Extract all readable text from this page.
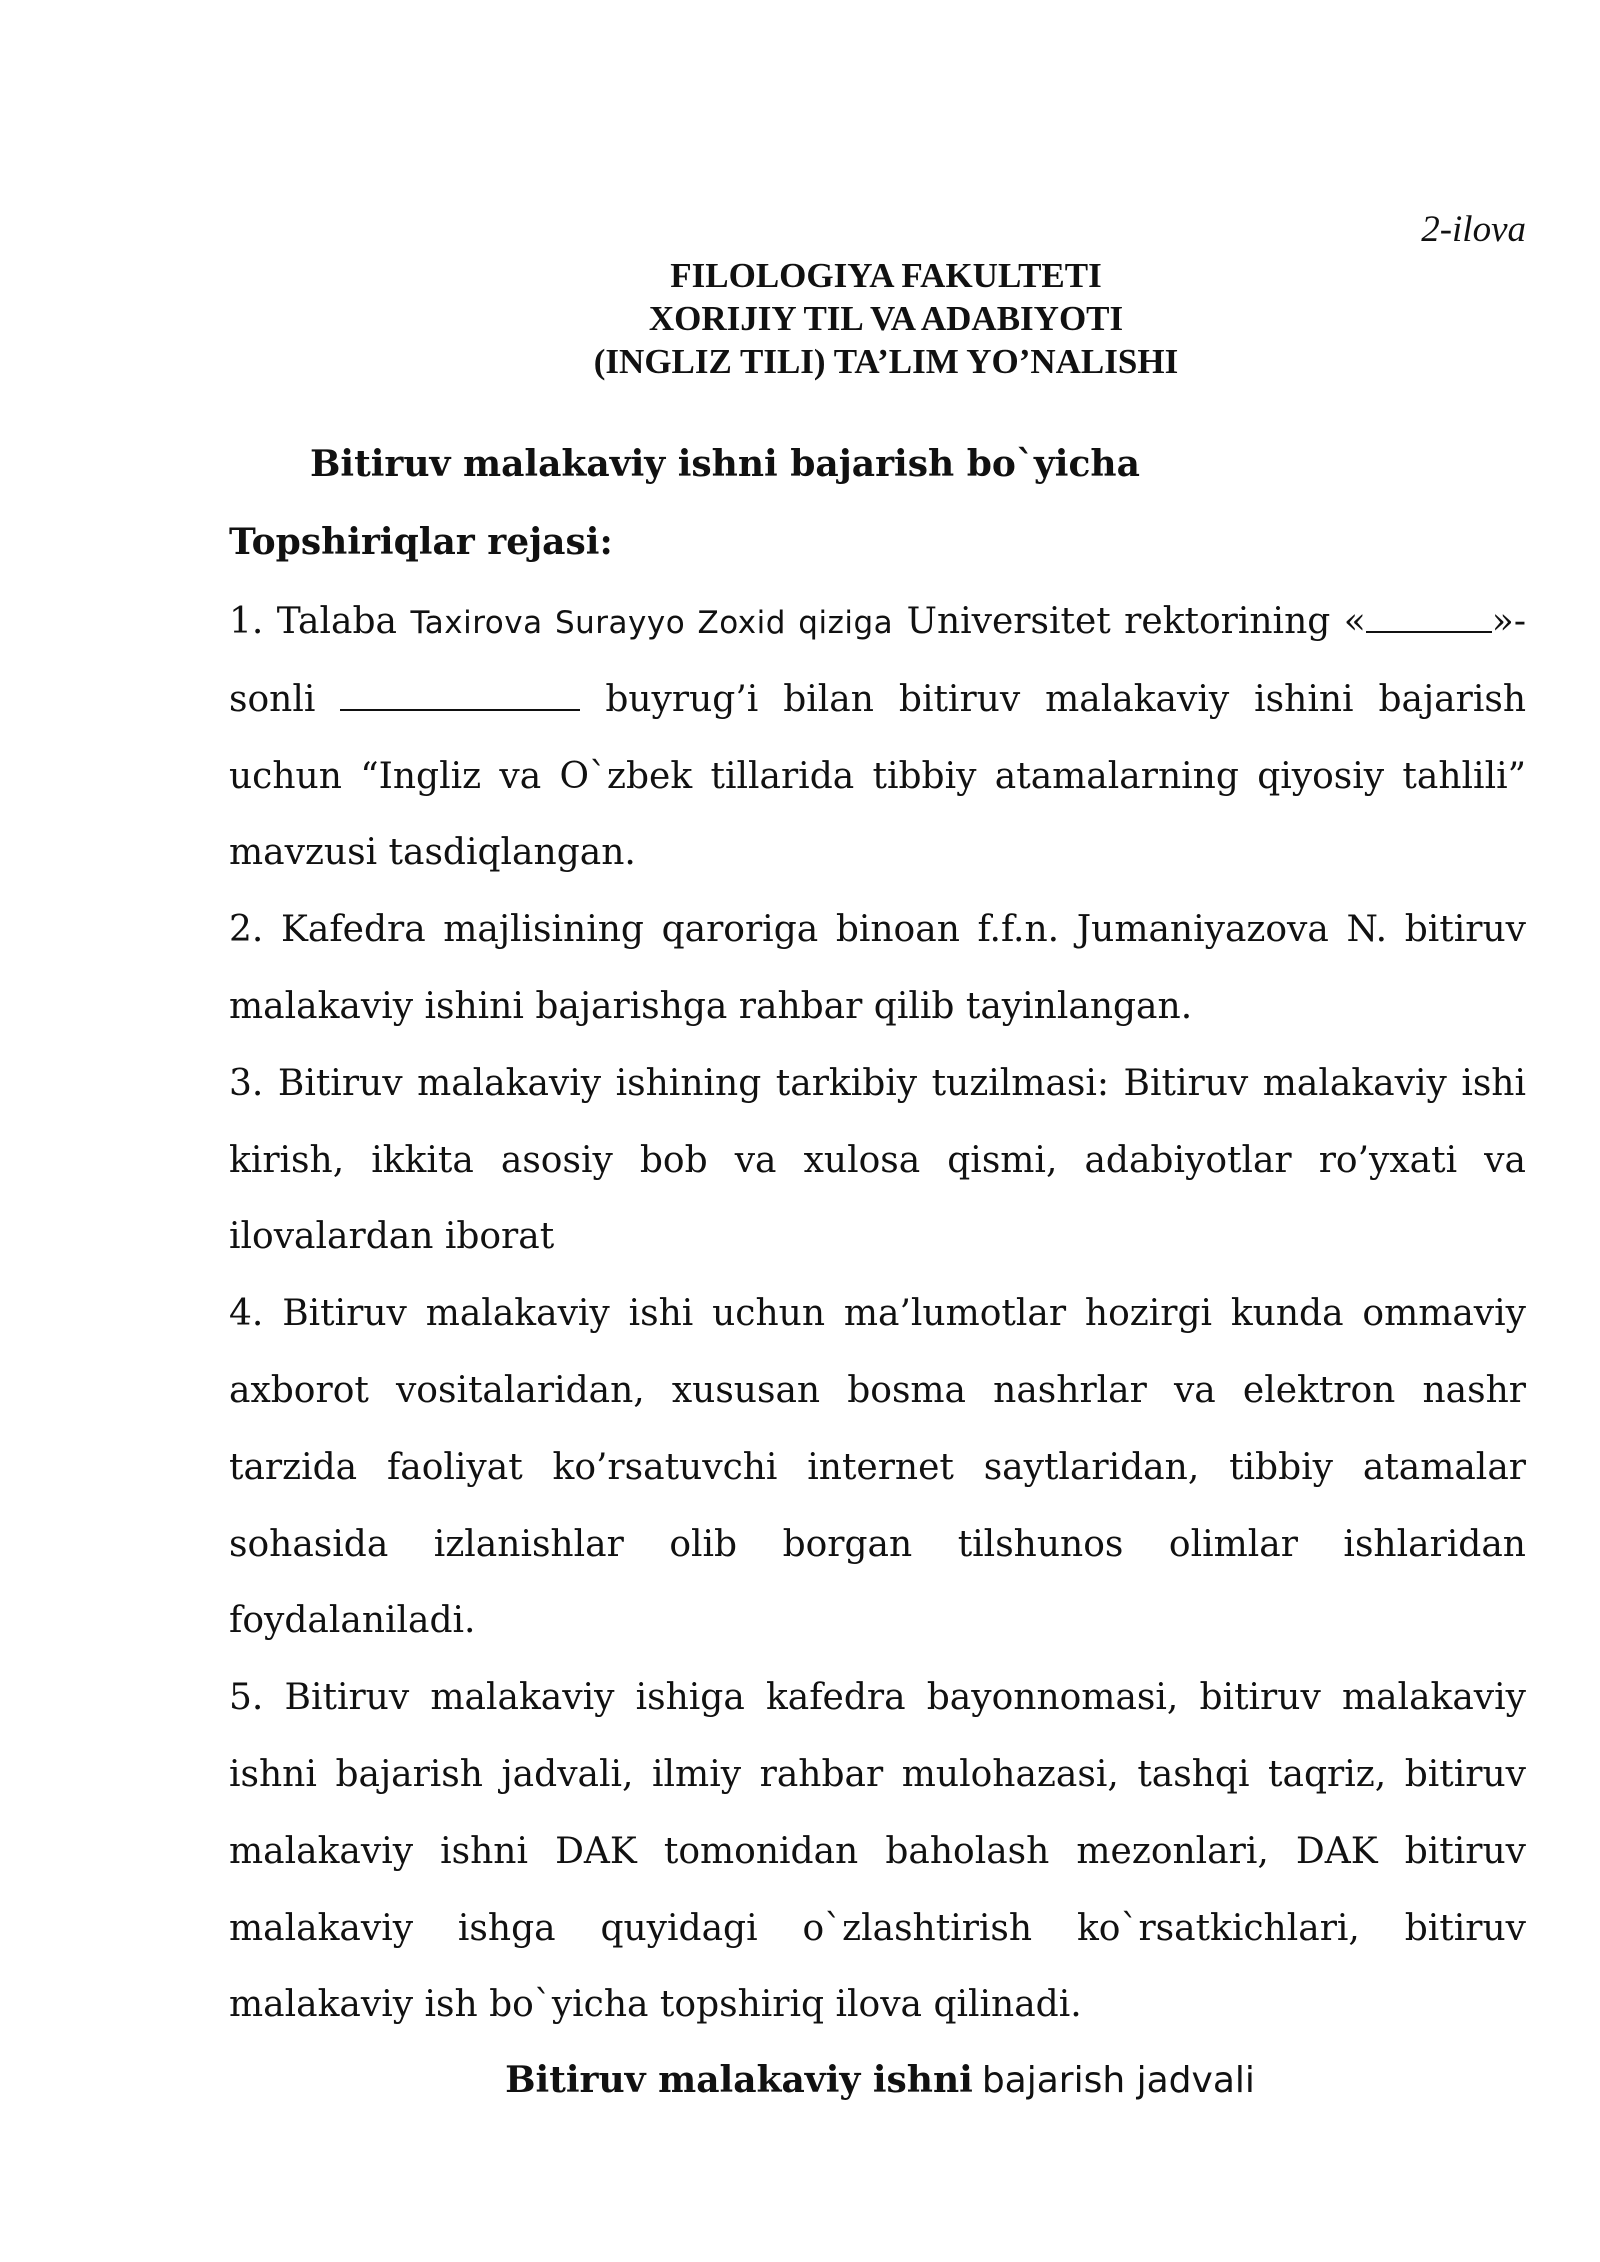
2-ilova
FILOLOGIYA FAKULTETI
XORIJIY TIL VA ADABIYOTI
(INGLIZ TILI) TA’LIM YO’NALISHI
Bitiruv malakaviy ishni bajarish bo`yicha
Topshiriqlar rejasi:

1. Talaba Taxirova Surayyo Zoxid qiziga Universitet rektorining «	»-sonli	buyrug’i bilan bitiruv malakaviy ishini bajarish uchun “Ingliz va O`zbek tillarida tibbiy atamalarning qiyosiy tahlili” mavzusi tasdiqlangan.

2. Kafedra majlisining qaroriga binoan f.f.n. Jumaniyazova N. bitiruv malakaviy ishini bajarishga rahbar qilib tayinlangan.

3. Bitiruv malakaviy ishining tarkibiy tuzilmasi: Bitiruv malakaviy ishi kirish, ikkita asosiy bob va xulosa qismi, adabiyotlar ro’yxati va ilovalardan iborat

4. Bitiruv malakaviy ishi uchun ma’lumotlar hozirgi kunda ommaviy axborot vositalaridan, xususan bosma nashrlar va elektron nashr tarzida faoliyat ko’rsatuvchi internet saytlaridan, tibbiy atamalar sohasida izlanishlar olib borgan tilshunos olimlar ishlaridan foydalaniladi.

5. Bitiruv malakaviy ishiga kafedra bayonnomasi, bitiruv malakaviy ishni bajarish jadvali, ilmiy rahbar mulohazasi, tashqi taqriz, bitiruv malakaviy ishni DAK tomonidan baholash mezonlari, DAK bitiruv malakaviy ishga quyidagi o`zlashtirish ko`rsatkichlari, bitiruv malakaviy ish bo`yicha topshiriq ilova qilinadi.

Bitiruv malakaviy ishni bajarish jadvali
